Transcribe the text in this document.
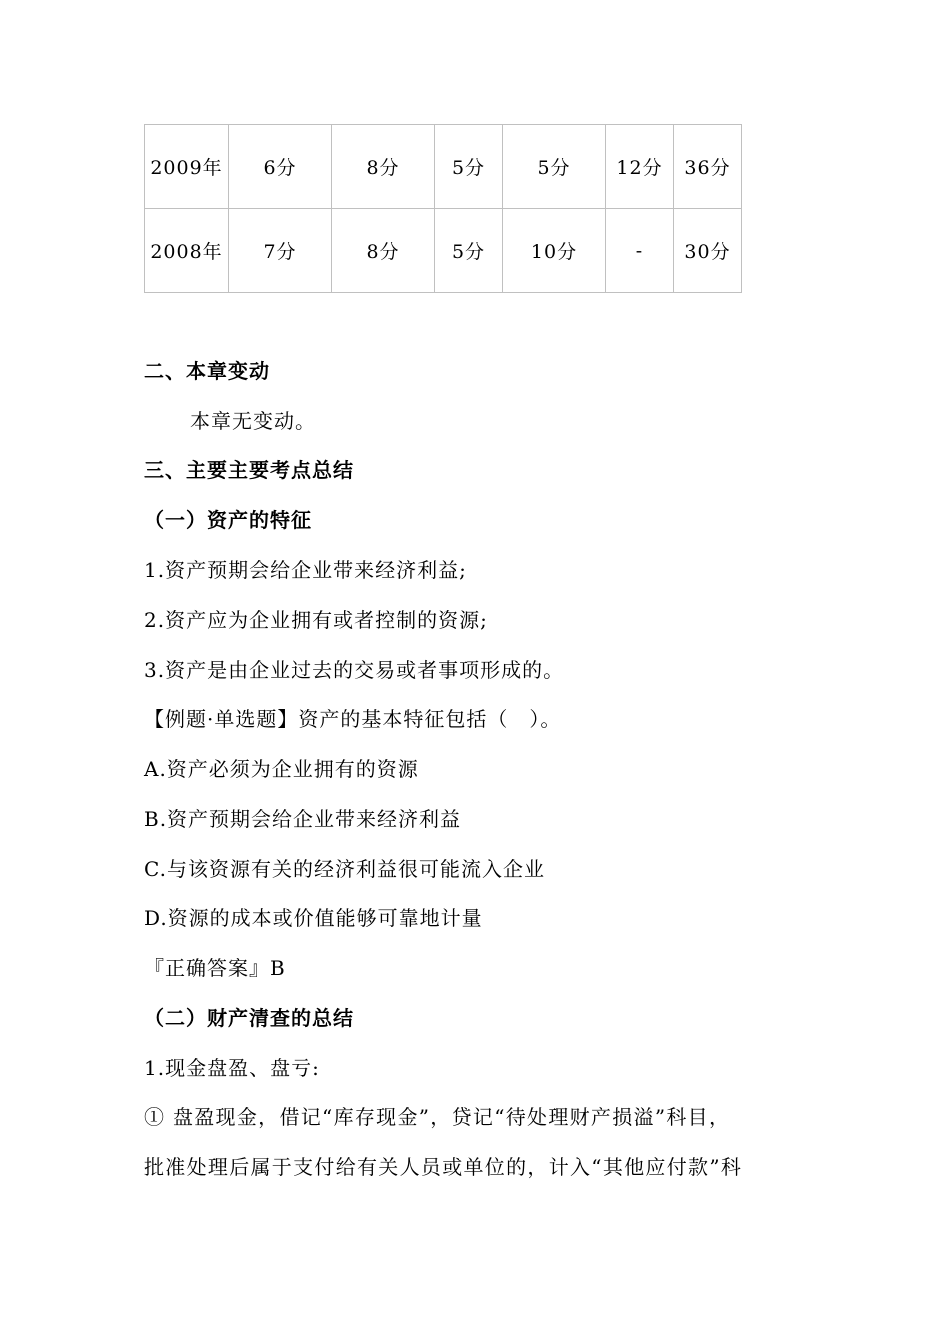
2009年	6分	8分	5分	5分	12分	36分
2008年	7分	8分	5分	10分	-	30分
二、本章变动
本章无变动。
三、主要主要考点总结
（一）资产的特征
1.资产预期会给企业带来经济利益;
2.资产应为企业拥有或者控制的资源;
3.资产是由企业过去的交易或者事项形成的。
【例题·单选题】资产的基本特征包括（　）。
A.资产必须为企业拥有的资源
B.资产预期会给企业带来经济利益
C.与该资源有关的经济利益很可能流入企业
D.资源的成本或价值能够可靠地计量
『正确答案』B
（二）财产清查的总结
1.现金盘盈、盘亏:
① 盘盈现金，借记“库存现金”，贷记“待处理财产损溢”科目，
批准处理后属于支付给有关人员或单位的，计入“其他应付款”科
